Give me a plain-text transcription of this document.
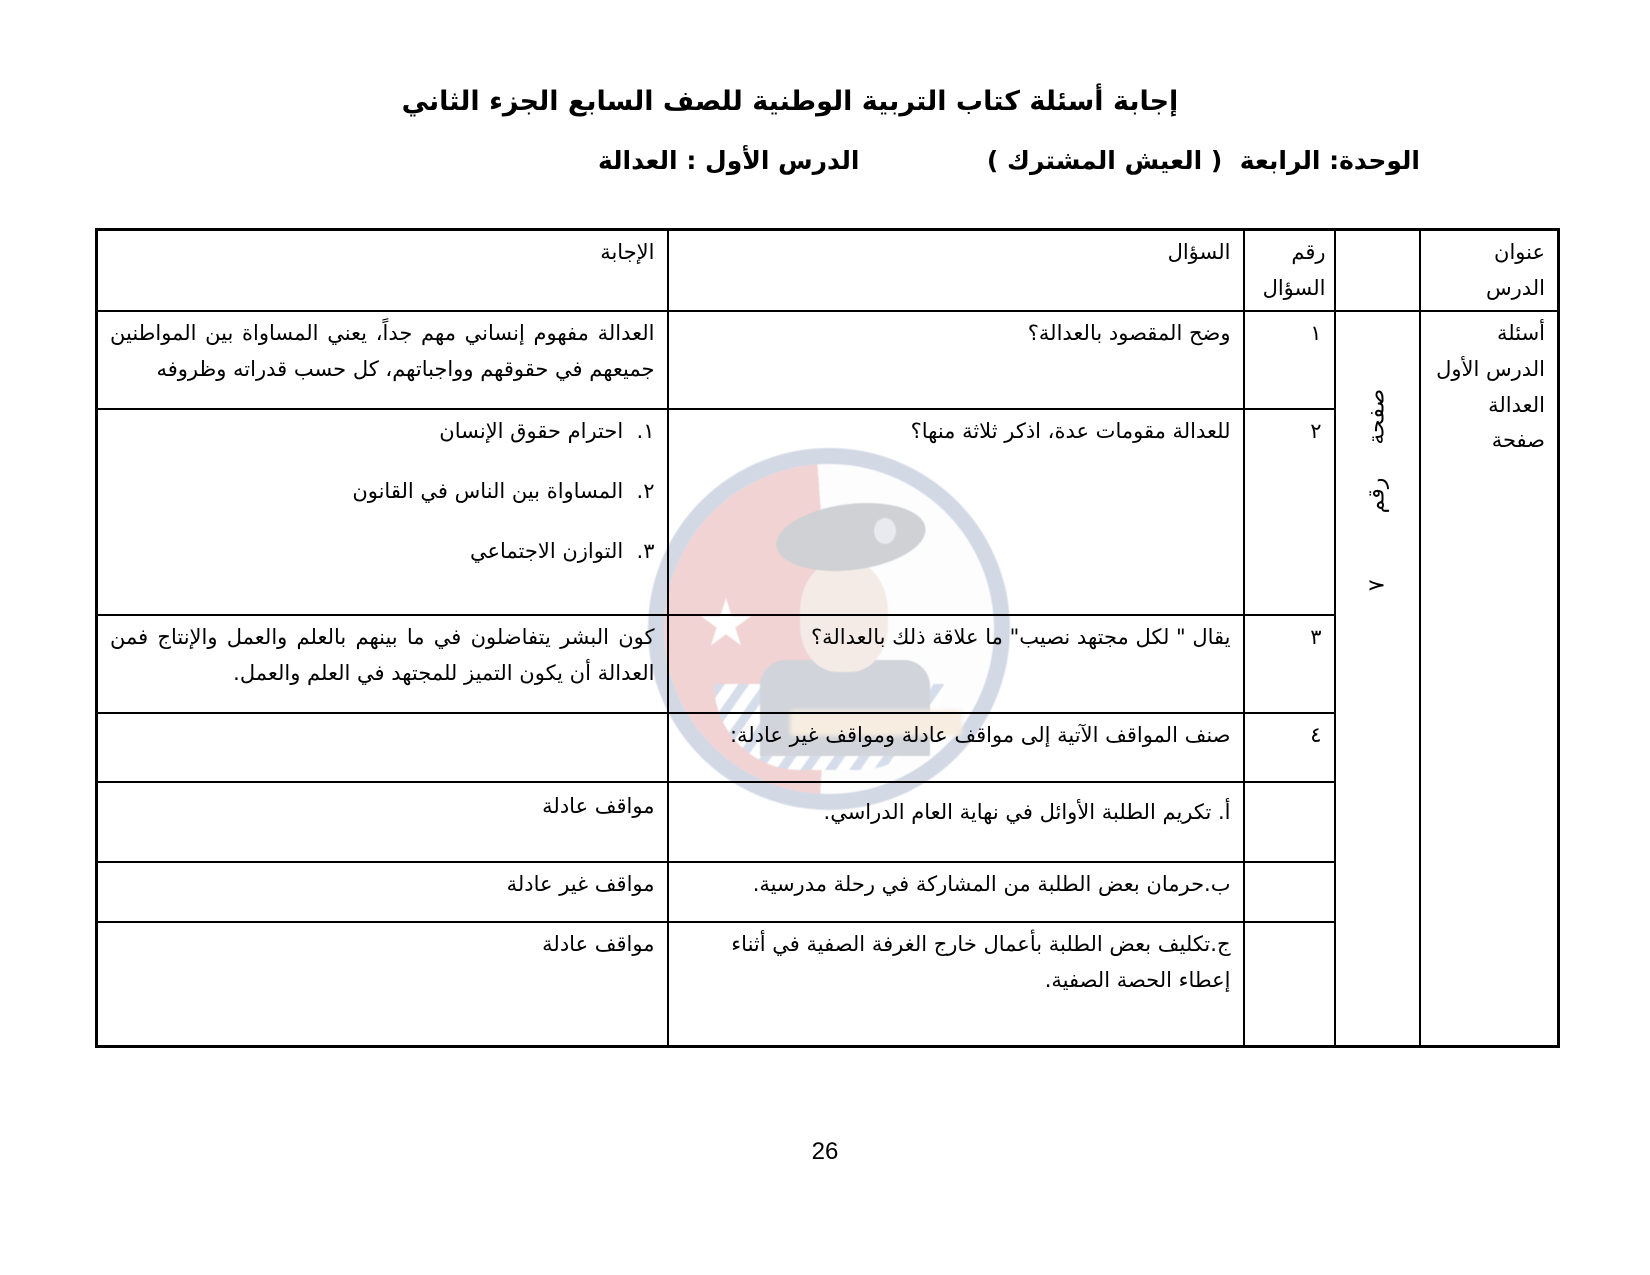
إجابة أسئلة كتاب التربية الوطنية للصف السابع الجزء الثاني
الوحدة: الرابعة  ( العيش المشترك )
الدرس الأول : العدالة
عنوان الدرس		رقم السؤال	السؤال	الإجابة
أسئلة الدرس الأول العدالة صفحة	صفحة رقم  ٧	١	وضح المقصود بالعدالة؟	العدالة مفهوم إنساني مهم جداً، يعني المساواة بين المواطنين جميعهم في حقوقهم وواجباتهم، كل حسب قدراته وظروفه
		٢	للعدالة مقومات عدة، اذكر ثلاثة منها؟	١.  احترام حقوق الإنسان

٢.  المساواة بين الناس في القانون

٣.  التوازن الاجتماعي

		٣	يقال " لكل مجتهد نصيب" ما علاقة ذلك بالعدالة؟	كون البشر يتفاضلون في ما بينهم بالعلم والعمل والإنتاج فمن العدالة أن يكون التميز للمجتهد في العلم والعمل.
		٤	صنف المواقف الآتية إلى مواقف عادلة ومواقف غير عادلة:	
			أ. تكريم الطلبة الأوائل في نهاية العام الدراسي.	مواقف عادلة
			ب.حرمان بعض الطلبة من المشاركة في رحلة مدرسية.	مواقف غير عادلة
			ج.تكليف بعض الطلبة بأعمال خارج الغرفة الصفية في أثناء إعطاء الحصة الصفية.	مواقف عادلة
26
